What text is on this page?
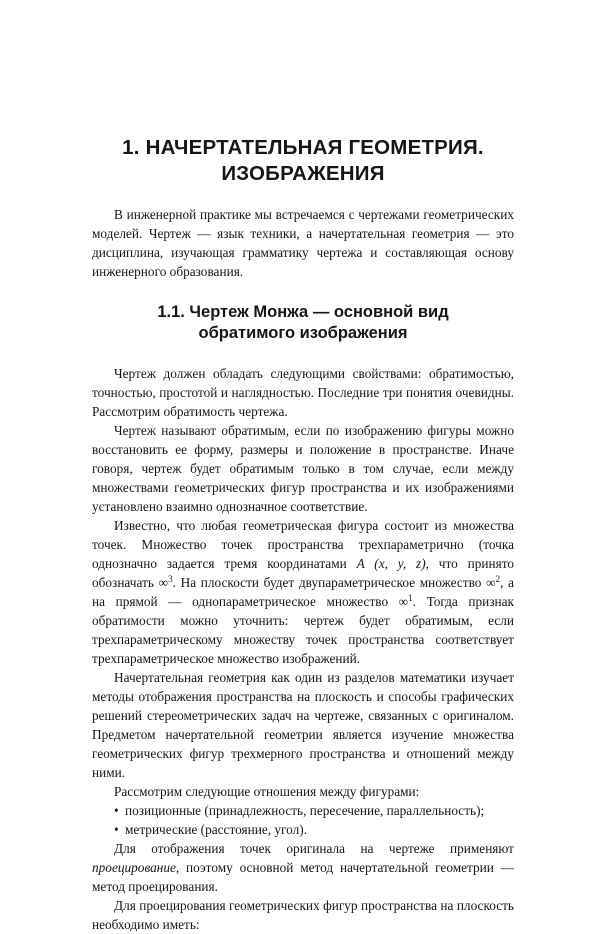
1. НАЧЕРТАТЕЛЬНАЯ ГЕОМЕТРИЯ.
ИЗОБРАЖЕНИЯ

В инженерной практике мы встречаемся с чертежами геометрических моделей. Чертеж — язык техники, а начертательная геометрия — это дисциплина, изучающая грамматику чертежа и составляющая основу инженерного образования.

1.1. Чертеж Монжа — основной вид
обратимого изображения

Чертеж должен обладать следующими свойствами: обратимостью, точностью, простотой и наглядностью. Последние три понятия очевидны. Рассмотрим обратимость чертежа.

Чертеж называют обратимым, если по изображению фигуры можно восстановить ее форму, размеры и положение в пространстве. Иначе говоря, чертеж будет обратимым только в том случае, если между множествами геометрических фигур пространства и их изображениями установлено взаимно однозначное соответствие.

Известно, что любая геометрическая фигура состоит из множества точек. Множество точек пространства трехпараметрично (точка однозначно задается тремя координатами A (x, y, z), что принято обозначать ∞$^3$. На плоскости будет двупараметрическое множество ∞$^2$, а на прямой — однопараметрическое множество ∞$^1$. Тогда признак обратимости можно уточнить: чертеж будет обратимым, если трехпараметрическому множеству точек пространства соответствует трехпараметрическое множество изображений.

Начертательная геометрия как один из разделов математики изучает методы отображения пространства на плоскость и способы графических решений стереометрических задач на чертеже, связанных с оригиналом. Предметом начертательной геометрии является изучение множества геометрических фигур трехмерного пространства и отношений между ними.

Рассмотрим следующие отношения между фигурами:

• позиционные (принадлежность, пересечение, параллельность);
• метрические (расстояние, угол).

Для отображения точек оригинала на чертеже применяют проецирование, поэтому основной метод начертательной геометрии — метод проецирования.

Для проецирования геометрических фигур пространства на плоскость необходимо иметь:
